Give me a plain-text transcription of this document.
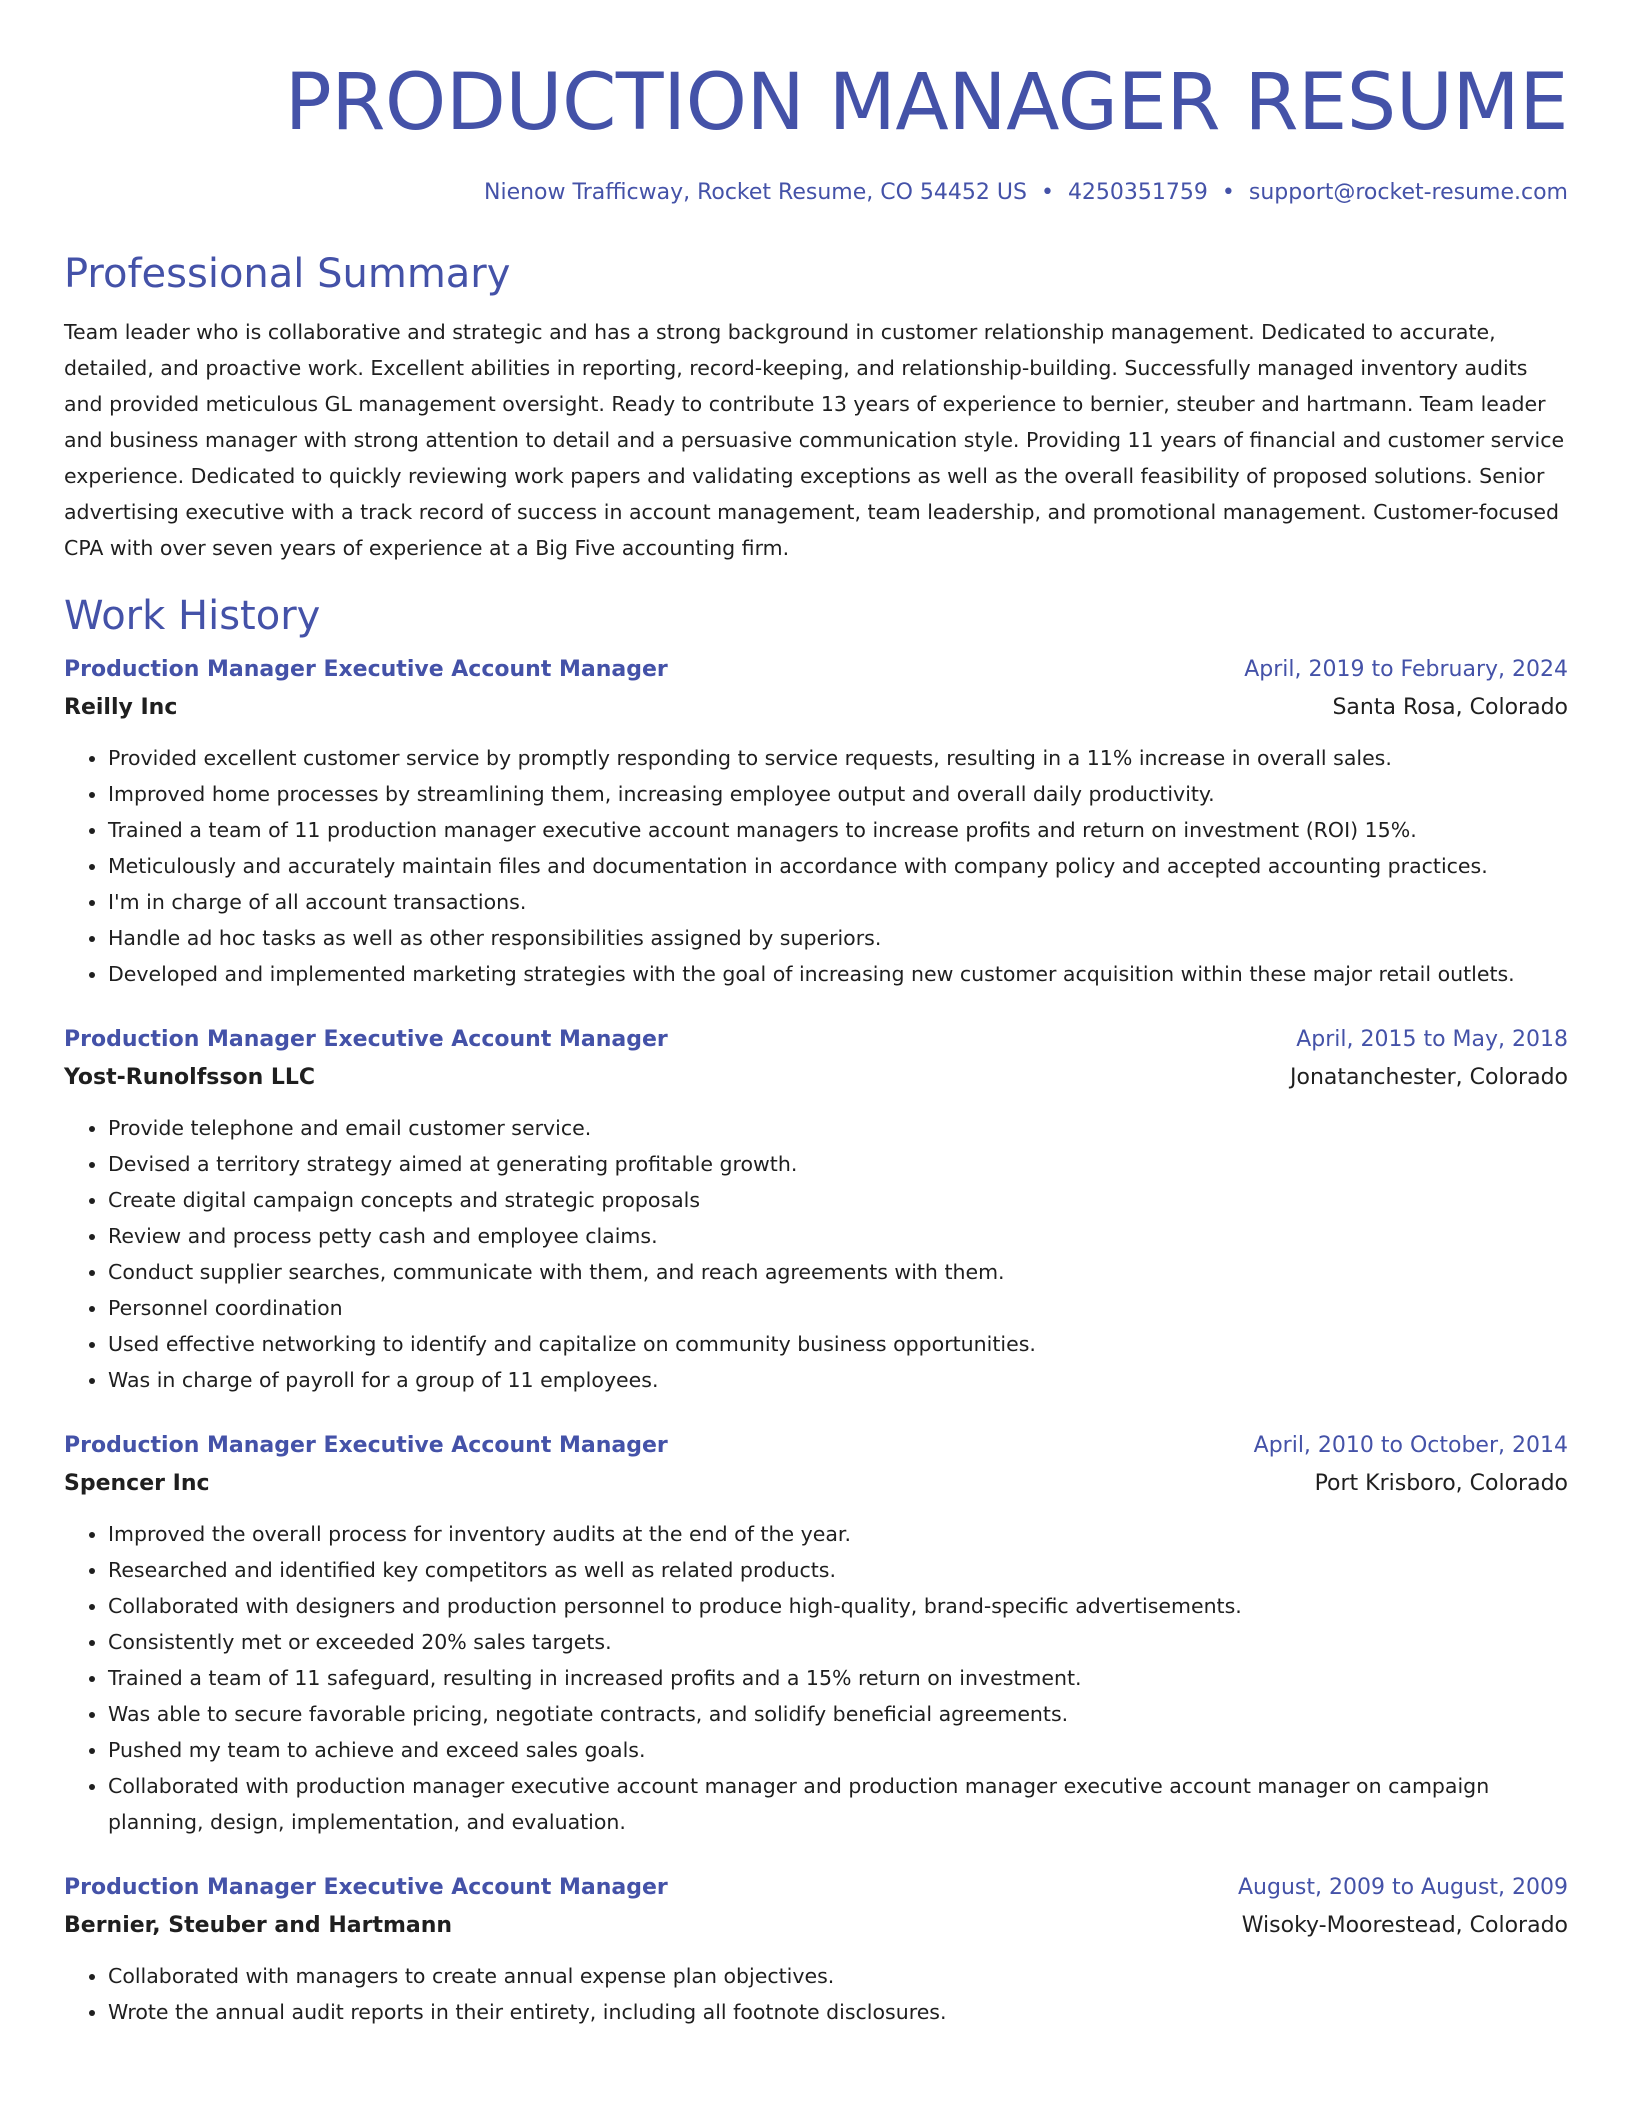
PRODUCTION MANAGER RESUME
Nienow Trafficway, Rocket Resume, CO 54452 US • 4250351759 • support@rocket-resume.com
Professional Summary

Team leader who is collaborative and strategic and has a strong background in customer relationship management. Dedicated to accurate, detailed, and proactive work. Excellent abilities in reporting, record-keeping, and relationship-building. Successfully managed inventory audits and provided meticulous GL management oversight. Ready to contribute 13 years of experience to bernier, steuber and hartmann. Team leader and business manager with strong attention to detail and a persuasive communication style. Providing 11 years of financial and customer service experience. Dedicated to quickly reviewing work papers and validating exceptions as well as the overall feasibility of proposed solutions. Senior advertising executive with a track record of success in account management, team leadership, and promotional management. Customer-focused CPA with over seven years of experience at a Big Five accounting firm.

Work History
Production Manager Executive Account Manager	April, 2019 to February, 2024
Reilly Inc	Santa Rosa, Colorado
• Provided excellent customer service by promptly responding to service requests, resulting in a 11% increase in overall sales.
• Improved home processes by streamlining them, increasing employee output and overall daily productivity.
• Trained a team of 11 production manager executive account managers to increase profits and return on investment (ROI) 15%.
• Meticulously and accurately maintain files and documentation in accordance with company policy and accepted accounting practices.
• I'm in charge of all account transactions.
• Handle ad hoc tasks as well as other responsibilities assigned by superiors.
• Developed and implemented marketing strategies with the goal of increasing new customer acquisition within these major retail outlets.
Production Manager Executive Account Manager	April, 2015 to May, 2018
Yost-Runolfsson LLC	Jonatanchester, Colorado
• Provide telephone and email customer service.
• Devised a territory strategy aimed at generating profitable growth.
• Create digital campaign concepts and strategic proposals
• Review and process petty cash and employee claims.
• Conduct supplier searches, communicate with them, and reach agreements with them.
• Personnel coordination
• Used effective networking to identify and capitalize on community business opportunities.
• Was in charge of payroll for a group of 11 employees.
Production Manager Executive Account Manager	April, 2010 to October, 2014
Spencer Inc	Port Krisboro, Colorado
• Improved the overall process for inventory audits at the end of the year.
• Researched and identified key competitors as well as related products.
• Collaborated with designers and production personnel to produce high-quality, brand-specific advertisements.
• Consistently met or exceeded 20% sales targets.
• Trained a team of 11 safeguard, resulting in increased profits and a 15% return on investment.
• Was able to secure favorable pricing, negotiate contracts, and solidify beneficial agreements.
• Pushed my team to achieve and exceed sales goals.
• Collaborated with production manager executive account manager and production manager executive account manager on campaign planning, design, implementation, and evaluation.
Production Manager Executive Account Manager	August, 2009 to August, 2009
Bernier, Steuber and Hartmann	Wisoky-Moorestead, Colorado
• Collaborated with managers to create annual expense plan objectives.
• Wrote the annual audit reports in their entirety, including all footnote disclosures.
